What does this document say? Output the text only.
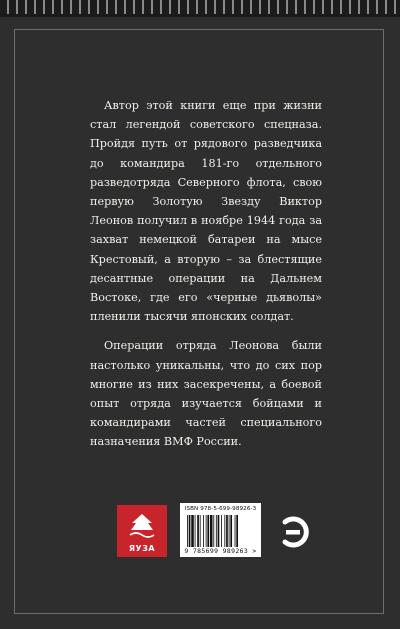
Автор этой книги еще при жизни стал легендой советского спецназа. Пройдя путь от рядового разведчика до командира 181-го отдельного разведотряда Северного флота, свою первую Золотую Звезду Виктор Леонов получил в ноябре 1944 года за захват немецкой батареи на мысе Крестовый, а вторую – за блестящие десантные операции на Дальнем Востоке, где его «черные дьяволы» пленили тысячи японских солдат.

Операции отряда Леонова были настолько уникальны, что до сих пор многие из них засекречены, а боевой опыт отряда изучается бойцами и командирами частей специального назначения ВМФ России.

ЯУЗА
ISBN 978-5-699-98926-3
9 785699 989263 >
